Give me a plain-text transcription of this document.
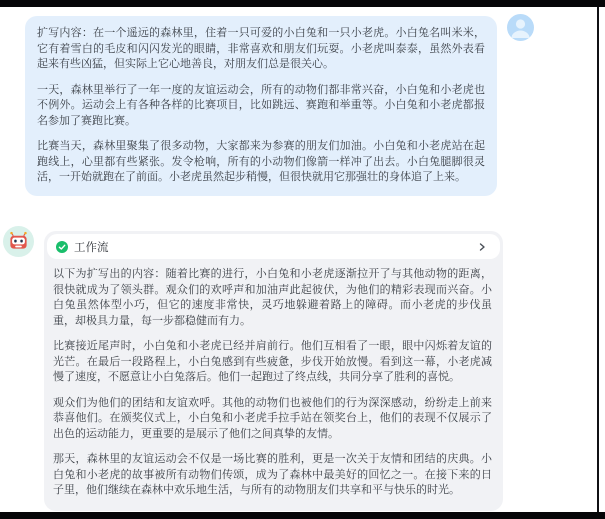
扩写内容：在一个遥远的森林里，住着一只可爱的小白兔和一只小老虎。小白兔名叫米米，它有着雪白的毛皮和闪闪发光的眼睛，非常喜欢和朋友们玩耍。小老虎叫泰泰，虽然外表看起来有些凶猛，但实际上它心地善良，对朋友们总是很关心。

一天，森林里举行了一年一度的友谊运动会，所有的动物们都非常兴奋，小白兔和小老虎也不例外。运动会上有各种各样的比赛项目，比如跳远、赛跑和举重等。小白兔和小老虎都报名参加了赛跑比赛。

比赛当天，森林里聚集了很多动物，大家都来为参赛的朋友们加油。小白兔和小老虎站在起跑线上，心里都有些紧张。发令枪响，所有的小动物们像箭一样冲了出去。小白兔腿脚很灵活，一开始就跑在了前面。小老虎虽然起步稍慢，但很快就用它那强壮的身体追了上来。

工作流

以下为扩写出的内容：随着比赛的进行，小白兔和小老虎逐渐拉开了与其他动物的距离，很快就成为了领头群。观众们的欢呼声和加油声此起彼伏，为他们的精彩表现而兴奋。小白兔虽然体型小巧，但它的速度非常快，灵巧地躲避着路上的障碍。而小老虎的步伐虽重，却极具力量，每一步都稳健而有力。

比赛接近尾声时，小白兔和小老虎已经并肩前行。他们互相看了一眼，眼中闪烁着友谊的光芒。在最后一段路程上，小白兔感到有些疲惫，步伐开始放慢。看到这一幕，小老虎减慢了速度，不愿意让小白兔落后。他们一起跑过了终点线，共同分享了胜利的喜悦。

观众们为他们的团结和友谊欢呼。其他的动物们也被他们的行为深深感动，纷纷走上前来恭喜他们。在颁奖仪式上，小白兔和小老虎手拉手站在领奖台上，他们的表现不仅展示了出色的运动能力，更重要的是展示了他们之间真挚的友情。

那天，森林里的友谊运动会不仅是一场比赛的胜利，更是一次关于友情和团结的庆典。小白兔和小老虎的故事被所有动物们传颂，成为了森林中最美好的回忆之一。在接下来的日子里，他们继续在森林中欢乐地生活，与所有的动物朋友们共享和平与快乐的时光。
